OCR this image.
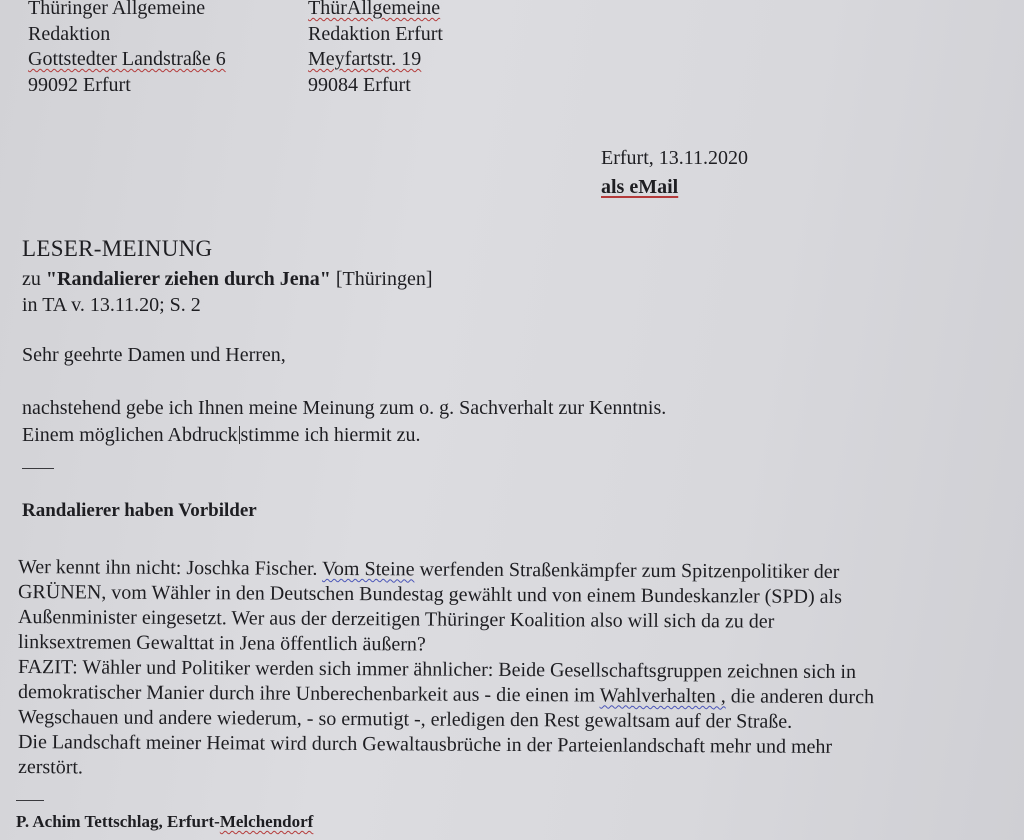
Thüringer Allgemeine
Redaktion
Gottstedter Landstraße 6
99092 Erfurt
ThürAllgemeine
Redaktion Erfurt
Meyfartstr. 19
99084 Erfurt
Erfurt, 13.11.2020
als eMail
LESER-MEINUNG
zu "Randalierer ziehen durch Jena" [Thüringen]
in TA v. 13.11.20; S. 2
Sehr geehrte Damen und Herren,
nachstehend gebe ich Ihnen meine Meinung zum o. g. Sachverhalt zur Kenntnis.
Einem möglichen Abdruck stimme ich hiermit zu.
Randalierer haben Vorbilder
Wer kennt ihn nicht: Joschka Fischer. Vom Steine werfenden Straßenkämpfer zum Spitzenpolitiker der
GRÜNEN, vom Wähler in den Deutschen Bundestag gewählt und von einem Bundeskanzler (SPD) als
Außenminister eingesetzt. Wer aus der derzeitigen Thüringer Koalition also will sich da zu der
linksextremen Gewalttat in Jena öffentlich äußern?
FAZIT: Wähler und Politiker werden sich immer ähnlicher: Beide Gesellschaftsgruppen zeichnen sich in
demokratischer Manier durch ihre Unberechenbarkeit aus - die einen im Wahlverhalten , die anderen durch
Wegschauen und andere wiederum, - so ermutigt -, erledigen den Rest gewaltsam auf der Straße.
Die Landschaft meiner Heimat wird durch Gewaltausbrüche in der Parteienlandschaft mehr und mehr
zerstört.
P. Achim Tettschlag, Erfurt-Melchendorf
